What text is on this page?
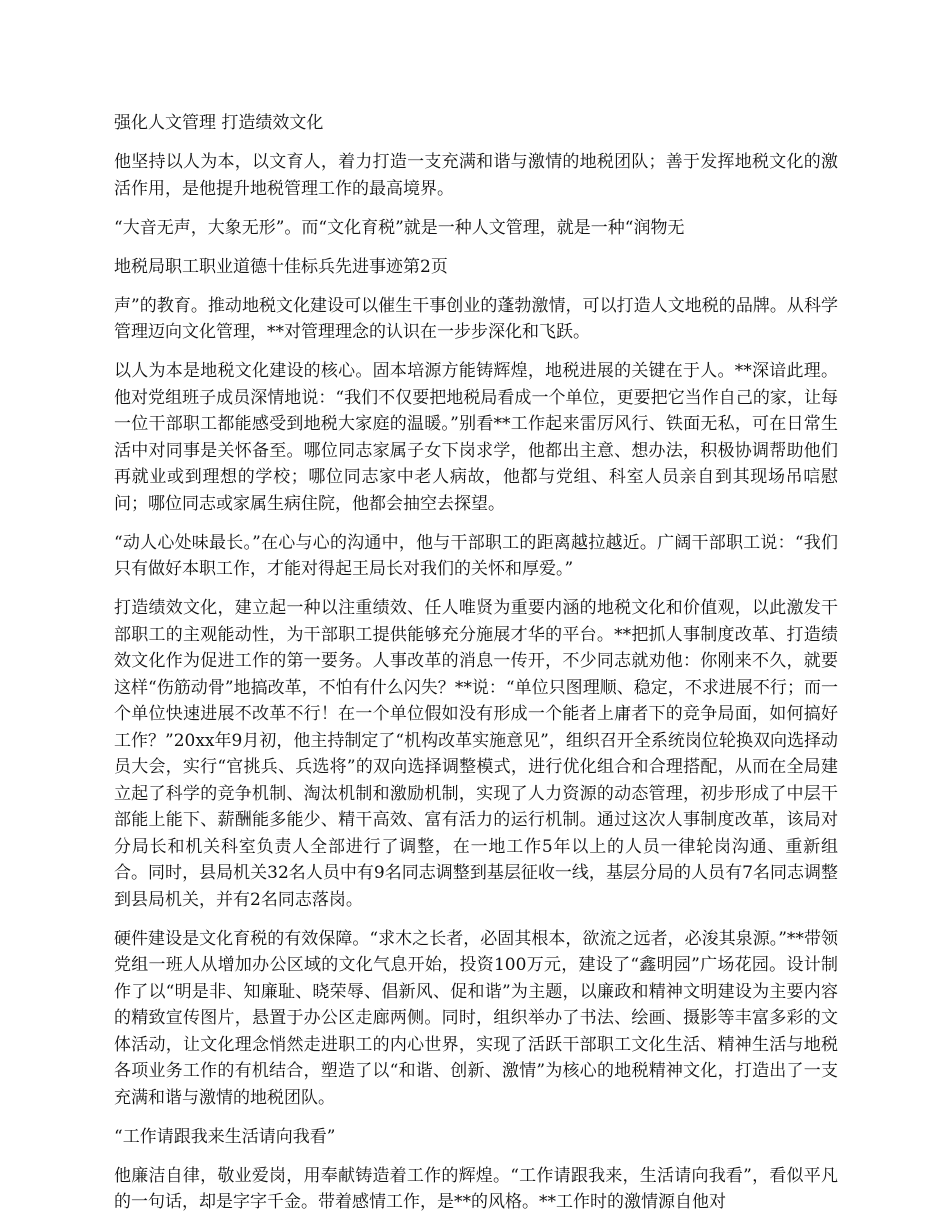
强化人文管理 打造绩效文化

他坚持以人为本，以文育人，着力打造一支充满和谐与激情的地税团队；善于发挥地税文化的激活作用，是他提升地税管理工作的最高境界。

“大音无声，大象无形”。而“文化育税”就是一种人文管理，就是一种“润物无

地税局职工职业道德十佳标兵先进事迹第2页

声”的教育。推动地税文化建设可以催生干事创业的蓬勃激情，可以打造人文地税的品牌。从科学管理迈向文化管理，**对管理理念的认识在一步步深化和飞跃。

以人为本是地税文化建设的核心。固本培源方能铸辉煌，地税进展的关键在于人。**深谙此理。他对党组班子成员深情地说：“我们不仅要把地税局看成一个单位，更要把它当作自己的家，让每一位干部职工都能感受到地税大家庭的温暖。”别看**工作起来雷厉风行、铁面无私，可在日常生活中对同事是关怀备至。哪位同志家属子女下岗求学，他都出主意、想办法，积极协调帮助他们再就业或到理想的学校；哪位同志家中老人病故，他都与党组、科室人员亲自到其现场吊唁慰问；哪位同志或家属生病住院，他都会抽空去探望。

“动人心处味最长。”在心与心的沟通中，他与干部职工的距离越拉越近。广阔干部职工说：“我们只有做好本职工作，才能对得起王局长对我们的关怀和厚爱。”

打造绩效文化，建立起一种以注重绩效、任人唯贤为重要内涵的地税文化和价值观，以此激发干部职工的主观能动性，为干部职工提供能够充分施展才华的平台。**把抓人事制度改革、打造绩效文化作为促进工作的第一要务。人事改革的消息一传开，不少同志就劝他：你刚来不久，就要这样“伤筋动骨”地搞改革，不怕有什么闪失？**说：“单位只图理顺、稳定，不求进展不行；而一个单位快速进展不改革不行！在一个单位假如没有形成一个能者上庸者下的竞争局面，如何搞好工作？”20xx年9月初，他主持制定了“机构改革实施意见”，组织召开全系统岗位轮换双向选择动员大会，实行“官挑兵、兵选将”的双向选择调整模式，进行优化组合和合理搭配，从而在全局建立起了科学的竞争机制、淘汰机制和激励机制，实现了人力资源的动态管理，初步形成了中层干部能上能下、薪酬能多能少、精干高效、富有活力的运行机制。通过这次人事制度改革，该局对分局长和机关科室负责人全部进行了调整，在一地工作5年以上的人员一律轮岗沟通、重新组合。同时，县局机关32名人员中有9名同志调整到基层征收一线，基层分局的人员有7名同志调整到县局机关，并有2名同志落岗。

硬件建设是文化育税的有效保障。“求木之长者，必固其根本，欲流之远者，必浚其泉源。”**带领党组一班人从增加办公区域的文化气息开始，投资100万元，建设了“鑫明园”广场花园。设计制作了以“明是非、知廉耻、晓荣辱、倡新风、促和谐”为主题，以廉政和精神文明建设为主要内容的精致宣传图片，悬置于办公区走廊两侧。同时，组织举办了书法、绘画、摄影等丰富多彩的文体活动，让文化理念悄然走进职工的内心世界，实现了活跃干部职工文化生活、精神生活与地税各项业务工作的有机结合，塑造了以“和谐、创新、激情”为核心的地税精神文化，打造出了一支充满和谐与激情的地税团队。

“工作请跟我来生活请向我看”

他廉洁自律，敬业爱岗，用奉献铸造着工作的辉煌。“工作请跟我来，生活请向我看”，看似平凡的一句话，却是字字千金。带着感情工作，是**的风格。**工作时的激情源自他对
